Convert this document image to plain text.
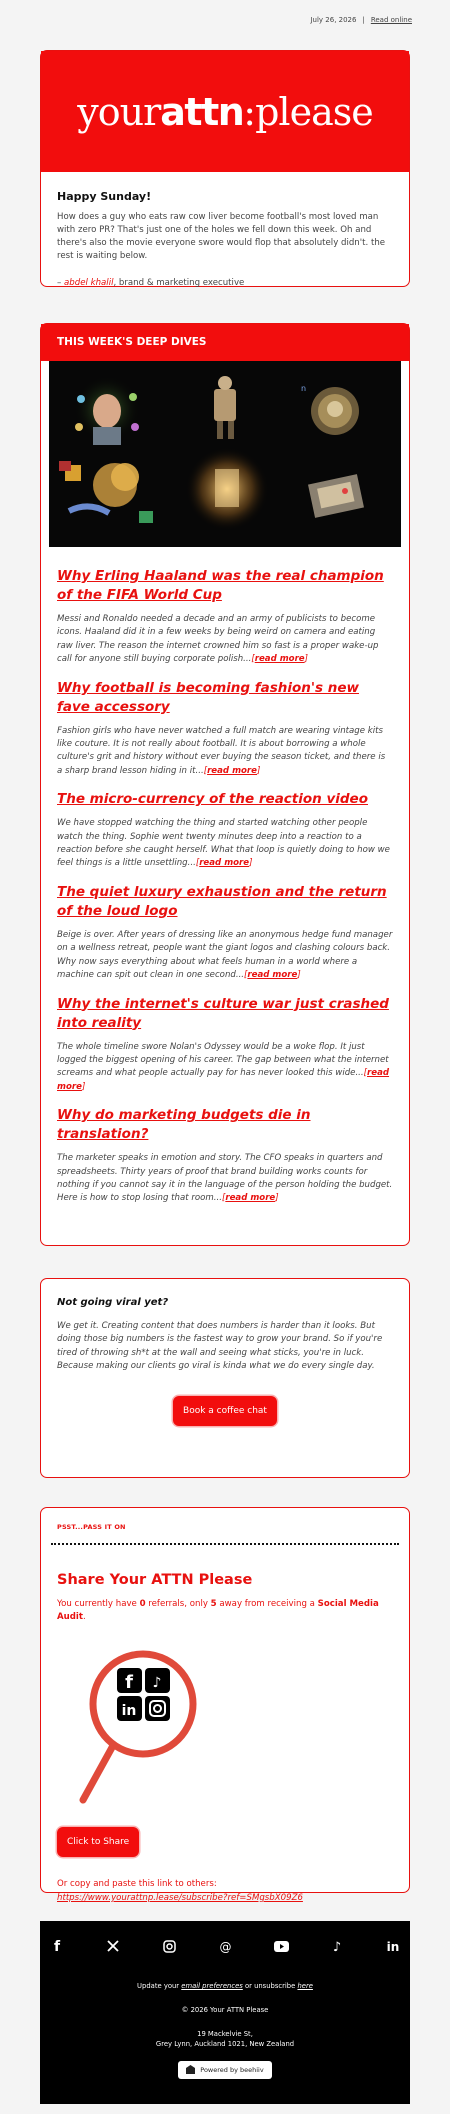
July 26, 2026 | Read online
yourattn:please
Happy Sunday!

How does a guy who eats raw cow liver become football's most loved man with zero PR? That's just one of the holes we fell down this week. Oh and there's also the movie everyone swore would flop that absolutely didn't. the rest is waiting below.

– abdel khalil, brand & marketing executive

THIS WEEK'S DEEP DIVES
n
Why Erling Haaland was the real champion of the FIFA World Cup

Messi and Ronaldo needed a decade and an army of publicists to become icons. Haaland did it in a few weeks by being weird on camera and eating raw liver. The reason the internet crowned him so fast is a proper wake-up call for anyone still buying corporate polish...[read more]

Why football is becoming fashion's new fave accessory

Fashion girls who have never watched a full match are wearing vintage kits like couture. It is not really about football. It is about borrowing a whole culture's grit and history without ever buying the season ticket, and there is a sharp brand lesson hiding in it...[read more]

The micro-currency of the reaction video

We have stopped watching the thing and started watching other people watch the thing. Sophie went twenty minutes deep into a reaction to a reaction before she caught herself. What that loop is quietly doing to how we feel things is a little unsettling...[read more]

The quiet luxury exhaustion and the return of the loud logo

Beige is over. After years of dressing like an anonymous hedge fund manager on a wellness retreat, people want the giant logos and clashing colours back. Why now says everything about what feels human in a world where a machine can spit out clean in one second...[read more]

Why the internet's culture war just crashed into reality

The whole timeline swore Nolan's Odyssey would be a woke flop. It just logged the biggest opening of his career. The gap between what the internet screams and what people actually pay for has never looked this wide...[read more]

Why do marketing budgets die in translation?

The marketer speaks in emotion and story. The CFO speaks in quarters and spreadsheets. Thirty years of proof that brand building works counts for nothing if you cannot say it in the language of the person holding the budget. Here is how to stop losing that room...[read more]

Not going viral yet?

We get it. Creating content that does numbers is harder than it looks. But doing those big numbers is the fastest way to grow your brand. So if you're tired of throwing sh*t at the wall and seeing what sticks, you're in luck. Because making our clients go viral is kinda what we do every single day.

Book a coffee chat
PSST...PASS IT ON
Share Your ATTN Please

You currently have 0 referrals, only 5 away from receiving a Social Media Audit.

f ♪
in
Click to Share

Or copy and paste this link to others:

https://www.yourattnp.lease/subscribe?ref=SMgsbX09Z6
f	@	♪	in

Update your email preferences or unsubscribe here

© 2026 Your ATTN Please

19 Mackelvie St,

Grey Lynn, Auckland 1021, New Zealand

Powered by beehiiv
